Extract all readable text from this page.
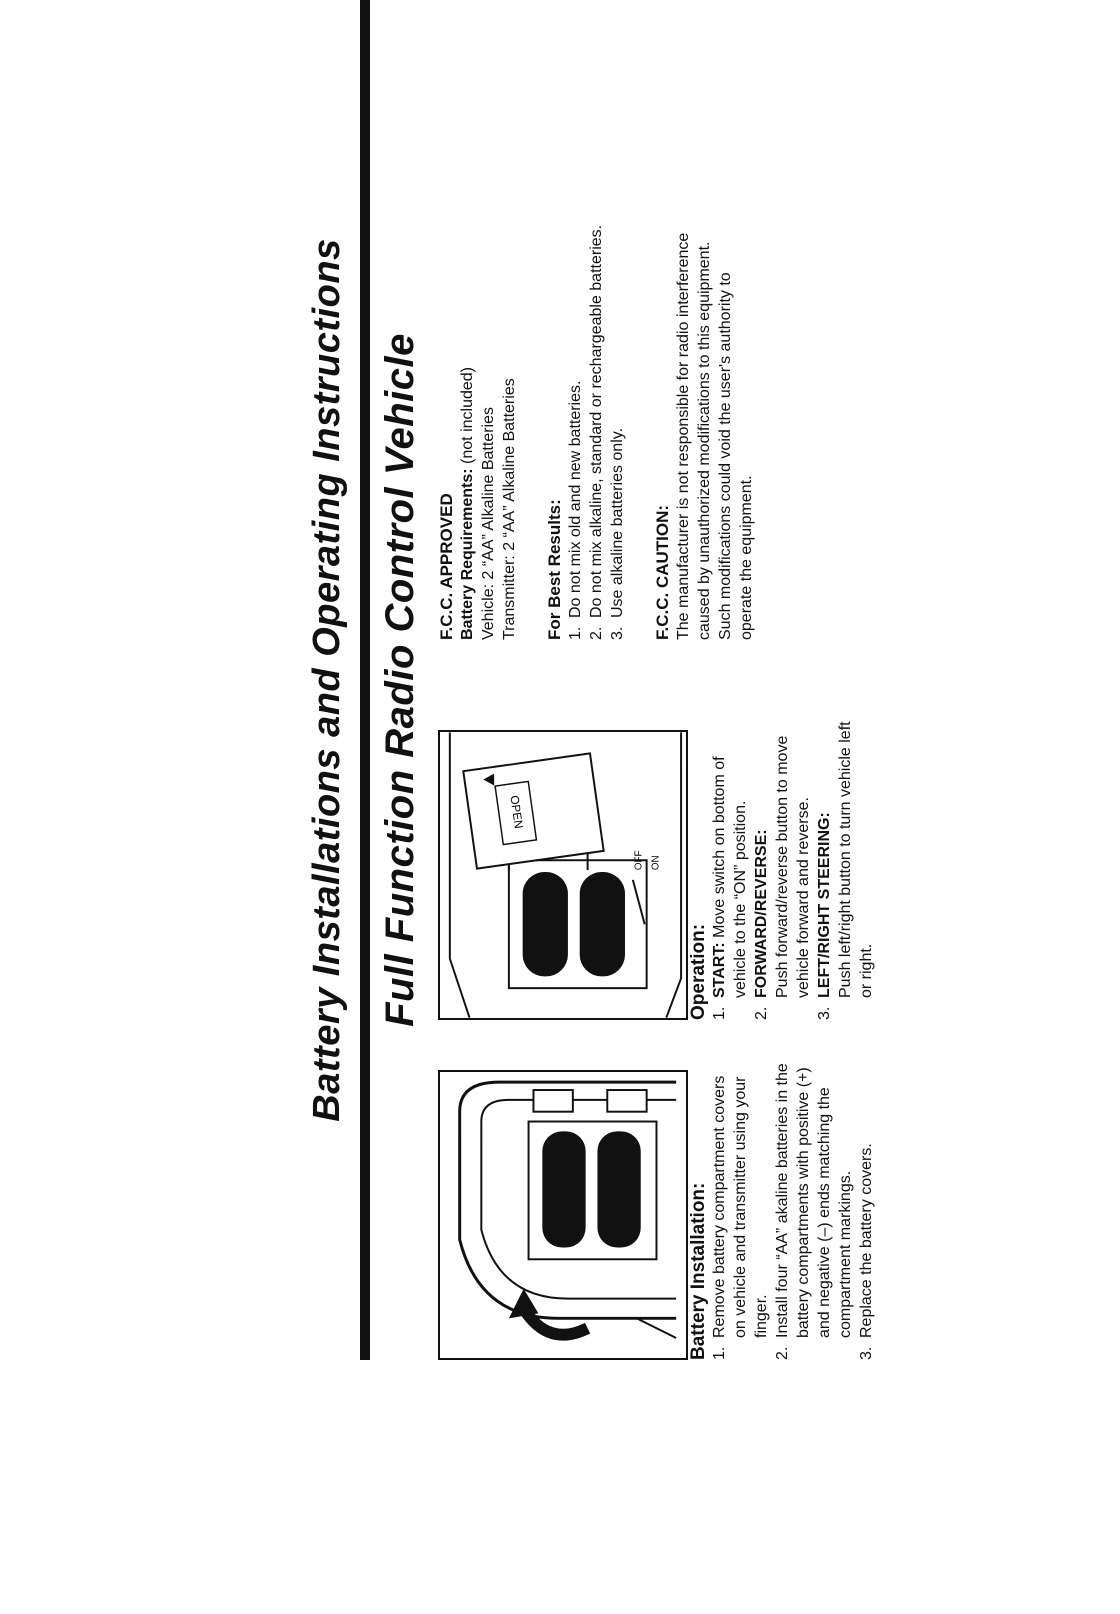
Battery Installations and Operating Instructions Full Function Radio Control Vehicle

Battery Installation: 1.
Remove battery compartment covers on vehicle and transmitter using your finger.
2.
Install four “AA” akaline batteries in the battery compartments with positive (+) and negative (–) ends matching the compartment markings.
3.
Replace the battery covers.
OPEN
OFF ON

Operation: 1.
START: Move switch on bottom of vehicle to the “ON” position.
2.
FORWARD/REVERSE: Push forward/reverse button to move vehicle forward and reverse.
3.
LEFT/RIGHT STEERING: Push left/right button to turn vehicle left or right.

F.C.C. APPROVED Battery Requirements: (not included) Vehicle: 2 “AA” Alkaline Batteries Transmitter: 2 “AA” Alkaline Batteries For Best Results: 1.
Do not mix old and new batteries.
2.
Do not mix alkaline, standard or rechargeable batteries.
3.
Use alkaline batteries only. F.C.C. CAUTION: The manufacturer is not responsible for radio interference caused by unauthorized modifications to this equipment. Such modifications could void the user's authority to operate the equipment.
